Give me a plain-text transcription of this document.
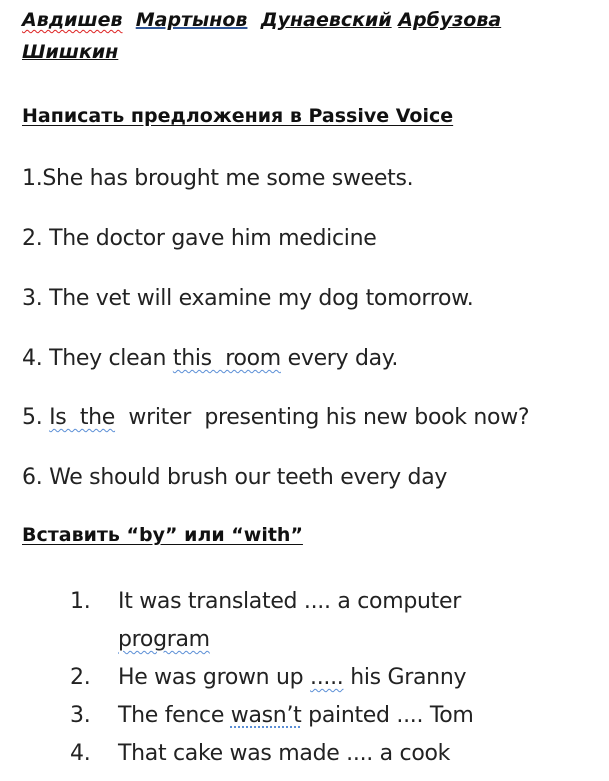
Авдишев Мартынов Дунаевский Арбузова
Шишкин
Написать предложения в Passive Voice
1.She has brought me some sweets.
2. The doctor gave him medicine
3. The vet will examine my dog tomorrow.
4. They clean this  room every day.
5. Is  the  writer  presenting his new book now?
6. We should brush our teeth every day
Вставить “by” или “with”
1.	It was translated .... a computer
program
2.	He was grown up ..... his Granny
3.	The fence wasn’t painted .... Tom
4.	That cake was made .... a cook
